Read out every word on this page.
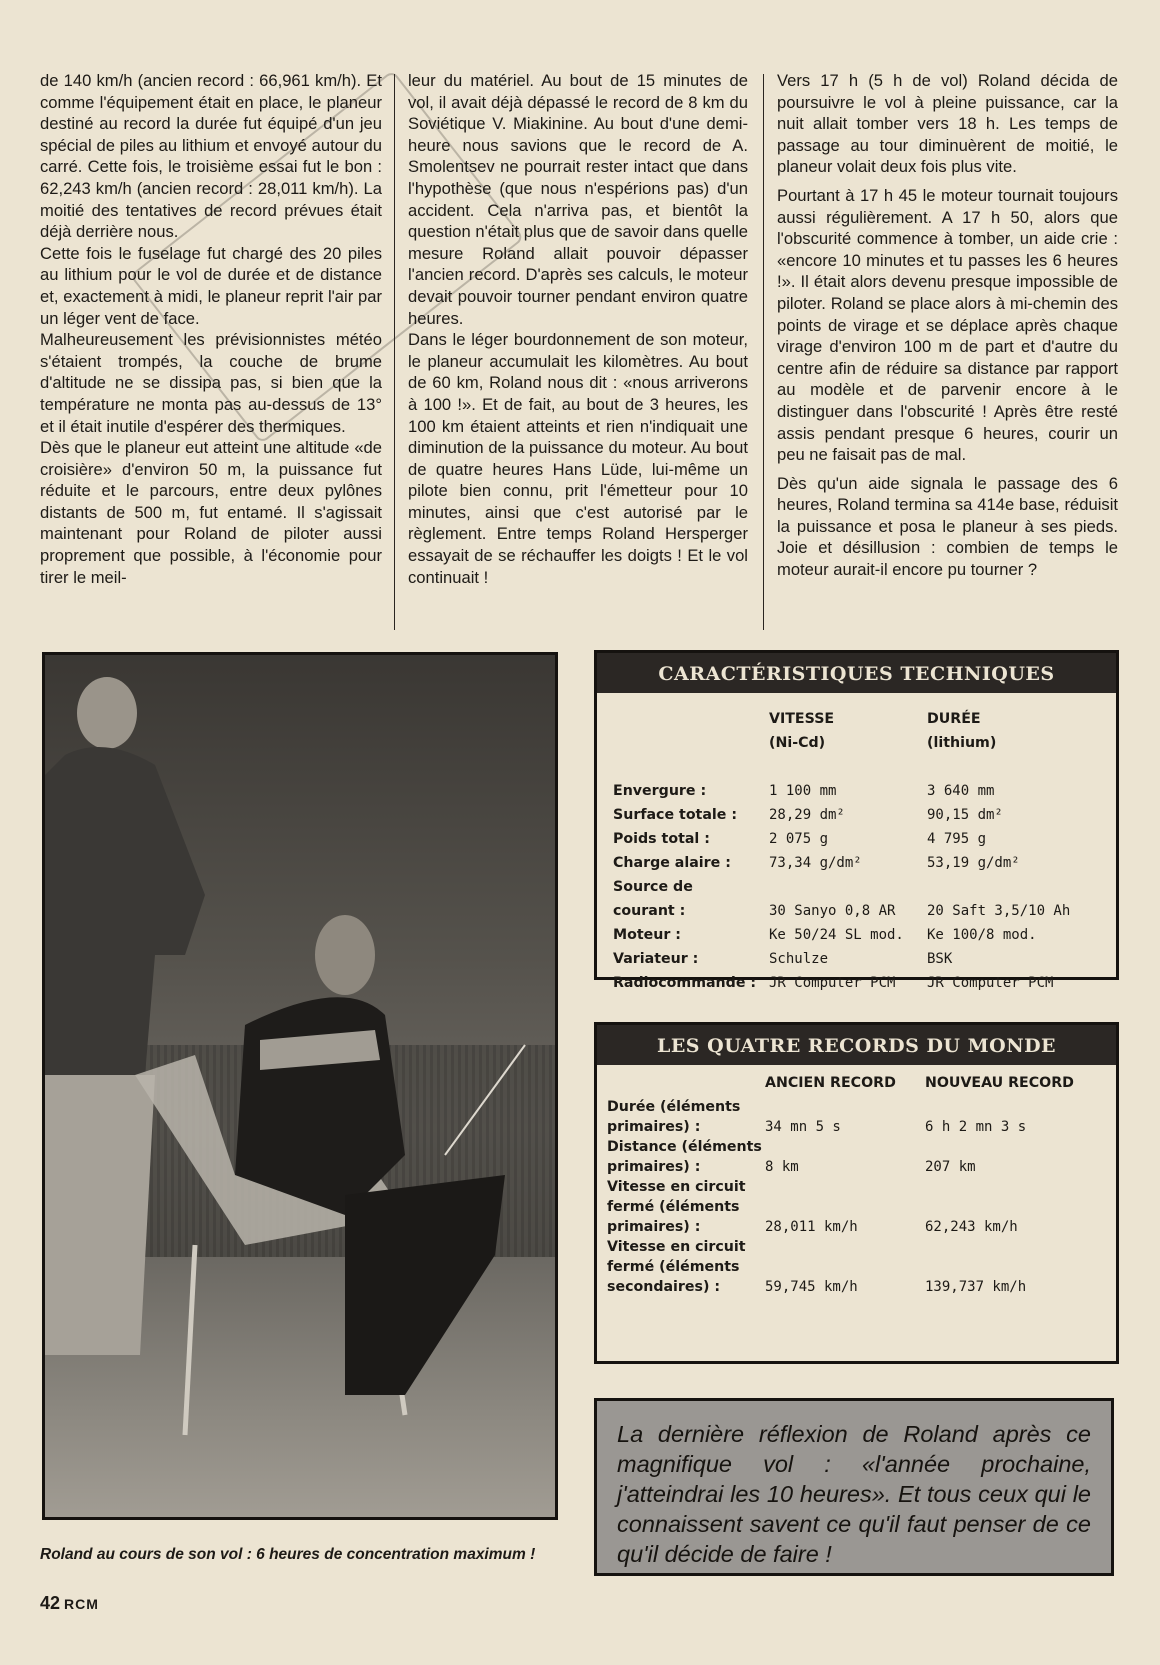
de 140 km/h (ancien record : 66,961 km/h). Et comme l'équipement était en place, le planeur destiné au record la durée fut équipé d'un jeu spécial de piles au lithium et envoyé autour du carré. Cette fois, le troisième essai fut le bon : 62,243 km/h (ancien record : 28,011 km/h). La moitié des tentatives de record prévues était déjà derrière nous.

Cette fois le fuselage fut chargé des 20 piles au lithium pour le vol de durée et de distance et, exactement à midi, le planeur reprit l'air par un léger vent de face.

Malheureusement les prévisionnistes météo s'étaient trompés, la couche de brume d'altitude ne se dissipa pas, si bien que la température ne monta pas au-dessus de 13° et il était inutile d'espérer des thermiques.

Dès que le planeur eut atteint une altitude «de croisière» d'environ 50 m, la puissance fut réduite et le parcours, entre deux pylônes distants de 500 m, fut entamé. Il s'agissait maintenant pour Roland de piloter aussi proprement que possible, à l'économie pour tirer le meil-

leur du matériel. Au bout de 15 minutes de vol, il avait déjà dépassé le record de 8 km du Soviétique V. Miakinine. Au bout d'une demi-heure nous savions que le record de A. Smolentsev ne pourrait rester intact que dans l'hypothèse (que nous n'espérions pas) d'un accident. Cela n'arriva pas, et bientôt la question n'était plus que de savoir dans quelle mesure Roland allait pouvoir dépasser l'ancien record. D'après ses calculs, le moteur devait pouvoir tourner pendant environ quatre heures.

Dans le léger bourdonnement de son moteur, le planeur accumulait les kilomètres. Au bout de 60 km, Roland nous dit : «nous arriverons à 100 !». Et de fait, au bout de 3 heures, les 100 km étaient atteints et rien n'indiquait une diminution de la puissance du moteur. Au bout de quatre heures Hans Lüde, lui-même un pilote bien connu, prit l'émetteur pour 10 minutes, ainsi que c'est autorisé par le règlement. Entre temps Roland Hersperger essayait de se réchauffer les doigts ! Et le vol continuait !

Vers 17 h (5 h de vol) Roland décida de poursuivre le vol à pleine puissance, car la nuit allait tomber vers 18 h. Les temps de passage au tour diminuèrent de moitié, le planeur volait deux fois plus vite.

Pourtant à 17 h 45 le moteur tournait toujours aussi régulièrement. A 17 h 50, alors que l'obscurité commence à tomber, un aide crie : «encore 10 minutes et tu passes les 6 heures !». Il était alors devenu presque impossible de piloter. Roland se place alors à mi-chemin des points de virage et se déplace après chaque virage d'environ 100 m de part et d'autre du centre afin de réduire sa distance par rapport au modèle et de parvenir encore à le distinguer dans l'obscurité ! Après être resté assis pendant presque 6 heures, courir un peu ne faisait pas de mal.

Dès qu'un aide signala le passage des 6 heures, Roland termina sa 414e base, réduisit la puissance et posa le planeur à ses pieds. Joie et désillusion : combien de temps le moteur aurait-il encore pu tourner ?

Roland au cours de son vol : 6 heures de concentration maximum !
42 RCM
CARACTÉRISTIQUES TECHNIQUES
	VITESSE	DURÉE
	(Ni-Cd)	(lithium)

Envergure :	1 100 mm	3 640 mm
Surface totale :	28,29 dm²	90,15 dm²
Poids total :	2 075 g	4 795 g
Charge alaire :	73,34 g/dm²	53,19 g/dm²
Source de		
courant :	30 Sanyo 0,8 AR	20 Saft 3,5/10 Ah
Moteur :	Ke 50/24 SL mod.	Ke 100/8 mod.
Variateur :	Schulze	BSK
Radiocommande :	JR Computer PCM	JR Computer PCM
LES QUATRE RECORDS DU MONDE
	ANCIEN RECORD	NOUVEAU RECORD

Durée (éléments		
primaires) :	34 mn 5 s	6 h 2 mn 3 s
Distance (éléments		
primaires) :	8 km	207 km
Vitesse en circuit		
fermé (éléments		
primaires) :	28,011 km/h	62,243 km/h
Vitesse en circuit		
fermé (éléments		
secondaires) :	59,745 km/h	139,737 km/h
La dernière réflexion de Roland après ce magnifique vol : «l'année prochaine, j'atteindrai les 10 heures». Et tous ceux qui le connaissent savent ce qu'il faut penser de ce qu'il décide de faire !
